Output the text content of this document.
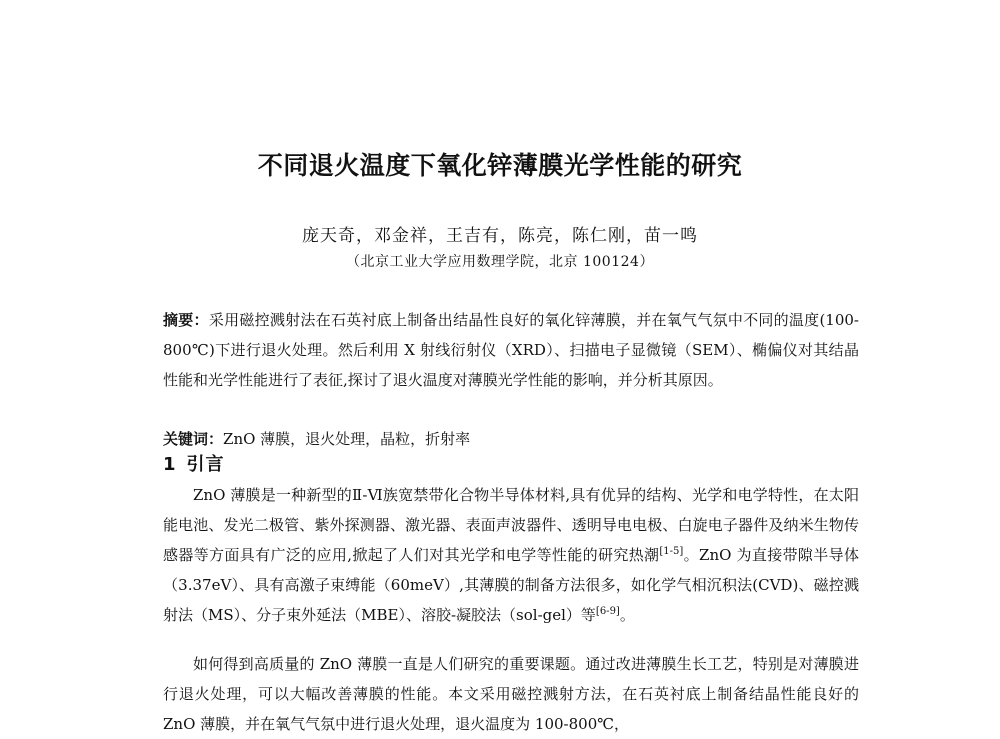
不同退火温度下氧化锌薄膜光学性能的研究
庞天奇，邓金祥，王吉有，陈亮，陈仁刚，苗一鸣
（北京工业大学应用数理学院，北京 100124）
摘要：采用磁控溅射法在石英衬底上制备出结晶性良好的氧化锌薄膜，并在氧气气氛中不同的温度(100-800℃)下进行退火处理。然后利用 X 射线衍射仪（XRD）、扫描电子显微镜（SEM）、椭偏仪对其结晶性能和光学性能进行了表征,探讨了退火温度对薄膜光学性能的影响，并分析其原因。
关键词：ZnO 薄膜，退火处理，晶粒，折射率
1 引言
ZnO 薄膜是一种新型的Ⅱ-Ⅵ族宽禁带化合物半导体材料,具有优异的结构、光学和电学特性，在太阳能电池、发光二极管、紫外探测器、激光器、表面声波器件、透明导电电极、白旋电子器件及纳米生物传感器等方面具有广泛的应用,掀起了人们对其光学和电学等性能的研究热潮[1-5]。ZnO 为直接带隙半导体（3.37eV）、具有高激子束缚能（60meV）,其薄膜的制备方法很多，如化学气相沉积法(CVD)、磁控溅射法（MS）、分子束外延法（MBE）、溶胶-凝胶法（sol-gel）等[6-9]。
如何得到高质量的 ZnO 薄膜一直是人们研究的重要课题。通过改进薄膜生长工艺，特别是对薄膜进行退火处理，可以大幅改善薄膜的性能。本文采用磁控溅射方法，在石英衬底上制备结晶性能良好的 ZnO 薄膜，并在氧气气氛中进行退火处理，退火温度为 100-800℃，
